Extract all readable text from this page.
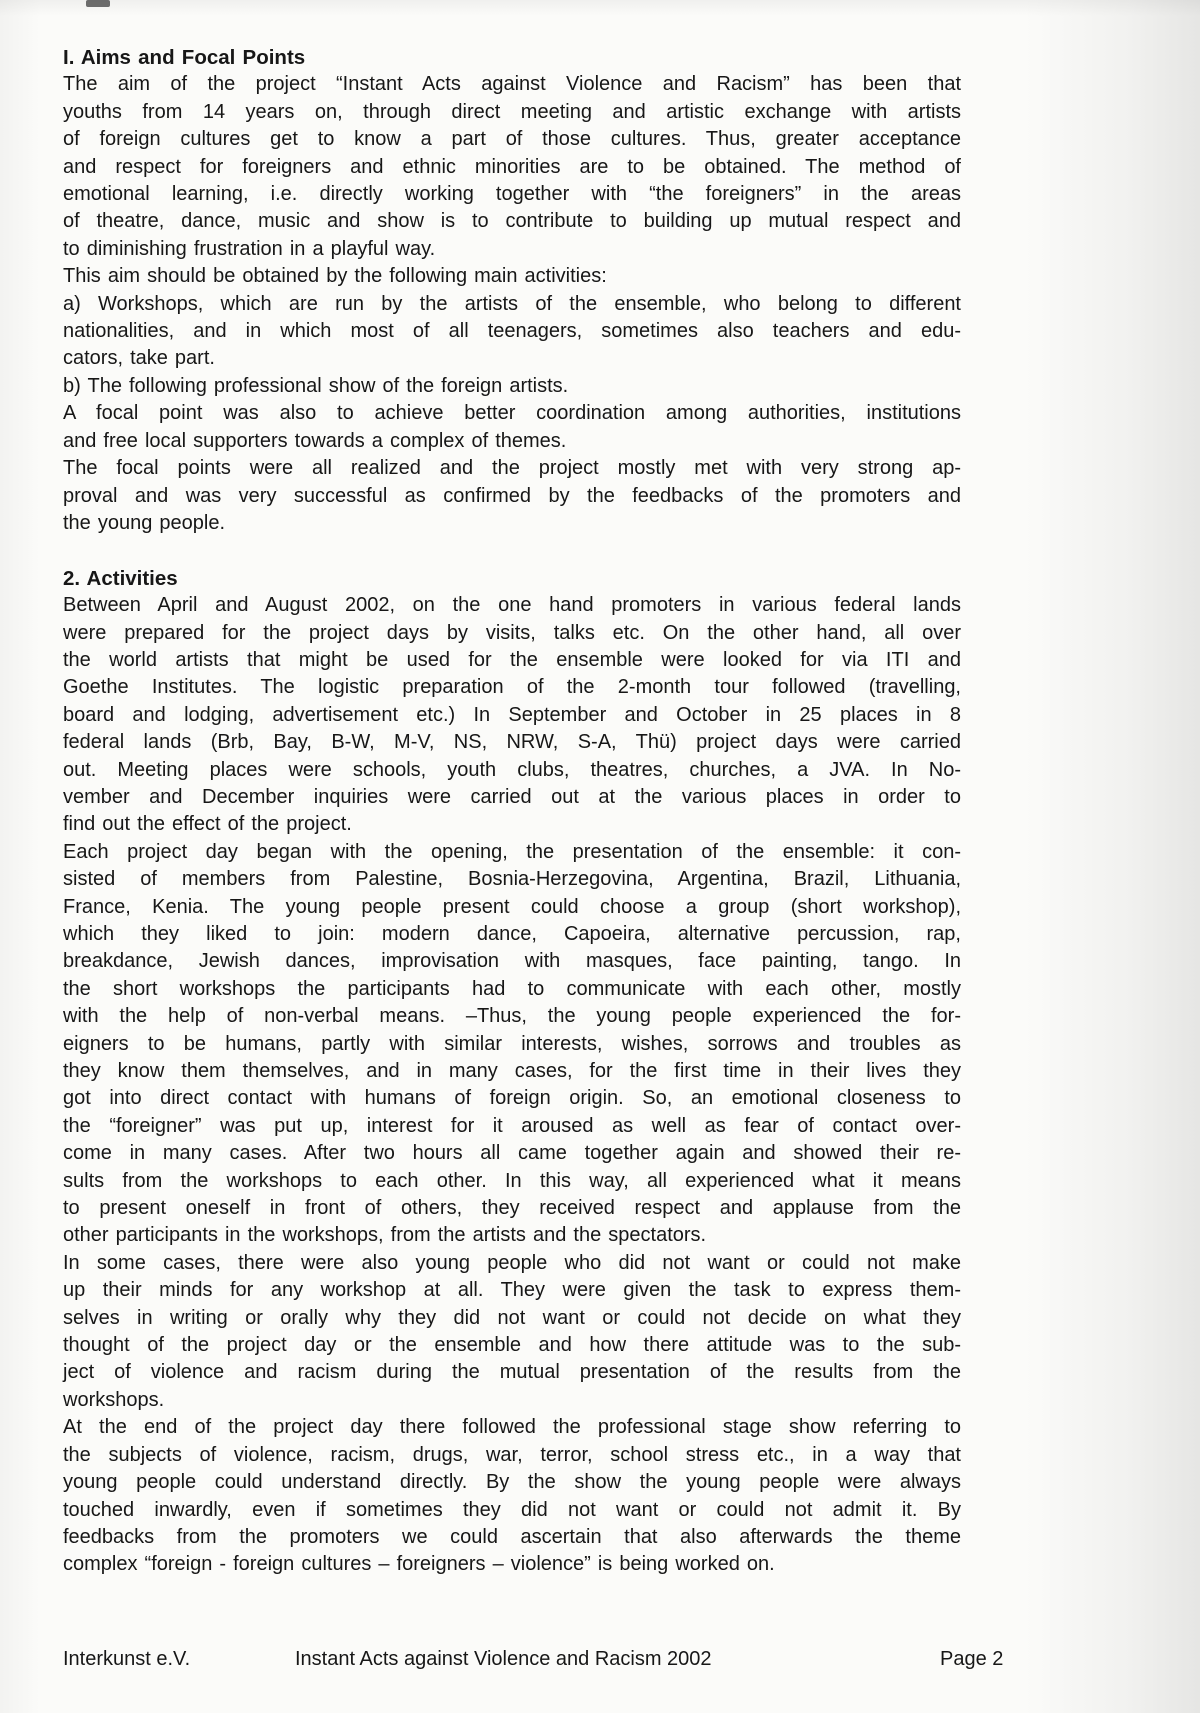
I. Aims and Focal Points
The aim of the project “Instant Acts against Violence and Racism” has been that
youths from 14 years on, through direct meeting and artistic exchange with artists
of foreign cultures get to know a part of those cultures. Thus, greater acceptance
and respect for foreigners and ethnic minorities are to be obtained. The method of
emotional learning, i.e. directly working together with “the foreigners” in the areas
of theatre, dance, music and show is to contribute to building up mutual respect and
to diminishing frustration in a playful way.
This aim should be obtained by the following main activities:
a) Workshops, which are run by the artists of the ensemble, who belong to different
nationalities, and in which most of all teenagers, sometimes also teachers and edu-
cators, take part.
b) The following professional show of the foreign artists.
A focal point was also to achieve better coordination among authorities, institutions
and free local supporters towards a complex of themes.
The focal points were all realized and the project mostly met with very strong ap-
proval and was very successful as confirmed by the feedbacks of the promoters and
the young people.
2. Activities
Between April and August 2002, on the one hand promoters in various federal lands
were prepared for the project days by visits, talks etc. On the other hand, all over
the world artists that might be used for the ensemble were looked for via ITI and
Goethe Institutes. The logistic preparation of the 2-month tour followed (travelling,
board and lodging, advertisement etc.) In September and October in 25 places in 8
federal lands (Brb, Bay, B-W, M-V, NS, NRW, S-A, Thü) project days were carried
out. Meeting places were schools, youth clubs, theatres, churches, a JVA. In No-
vember and December inquiries were carried out at the various places in order to
find out the effect of the project.
Each project day began with the opening, the presentation of the ensemble: it con-
sisted of members from Palestine, Bosnia-Herzegovina, Argentina, Brazil, Lithuania,
France, Kenia. The young people present could choose a group (short workshop),
which they liked to join: modern dance, Capoeira, alternative percussion, rap,
breakdance, Jewish dances, improvisation with masques, face painting, tango. In
the short workshops the participants had to communicate with each other, mostly
with the help of non-verbal means. –Thus, the young people experienced the for-
eigners to be humans, partly with similar interests, wishes, sorrows and troubles as
they know them themselves, and in many cases, for the first time in their lives they
got into direct contact with humans of foreign origin. So, an emotional closeness to
the “foreigner” was put up, interest for it aroused as well as fear of contact over-
come in many cases. After two hours all came together again and showed their re-
sults from the workshops to each other. In this way, all experienced what it means
to present oneself in front of others, they received respect and applause from the
other participants in the workshops, from the artists and the spectators.
In some cases, there were also young people who did not want or could not make
up their minds for any workshop at all. They were given the task to express them-
selves in writing or orally why they did not want or could not decide on what they
thought of the project day or the ensemble and how there attitude was to the sub-
ject of violence and racism during the mutual presentation of the results from the
workshops.
At the end of the project day there followed the professional stage show referring to
the subjects of violence, racism, drugs, war, terror, school stress etc., in a way that
young people could understand directly. By the show the young people were always
touched inwardly, even if sometimes they did not want or could not admit it. By
feedbacks from the promoters we could ascertain that also afterwards the theme
complex “foreign - foreign cultures – foreigners – violence” is being worked on.
Interkunst e.V.	Instant Acts against Violence and Racism 2002	Page 2
